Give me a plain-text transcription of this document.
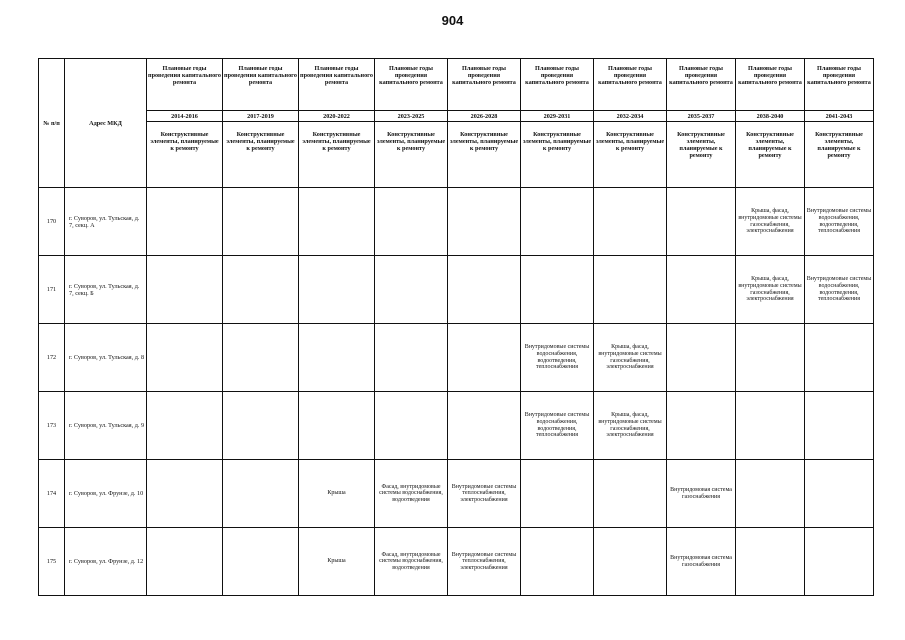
904
№ п/п	Адрес МКД	Плановые годы проведения капитального ремонта	Плановые годы проведения капитального ремонта	Плановые годы проведения капитального ремонта	Плановые годы проведения капитального ремонта	Плановые годы проведения капитального ремонта	Плановые годы проведения капитального ремонта	Плановые годы проведения капитального ремонта	Плановые годы проведения капитального ремонта	Плановые годы проведения капитального ремонта	Плановые годы проведения капитального ремонта
		2014-2016	2017-2019	2020-2022	2023-2025	2026-2028	2029-2031	2032-2034	2035-2037	2038-2040	2041-2043
		Конструктивные элементы, планируемые к ремонту	Конструктивные элементы, планируемые к ремонту	Конструктивные элементы, планируемые к ремонту	Конструктивные элементы, планируемые к ремонту	Конструктивные элементы, планируемые к ремонту	Конструктивные элементы, планируемые к ремонту	Конструктивные элементы, планируемые к ремонту	Конструктивные элементы, планируемые к ремонту	Конструктивные элементы, планируемые к ремонту	Конструктивные элементы, планируемые к ремонту
170	г. Суворов, ул. Тульская, д. 7, секц. А									Крыша, фасад, внутридомовые системы газоснабжения, электроснабжения	Внутридомовые системы водоснабжения, водоотведения, теплоснабжения
171	г. Суворов, ул. Тульская, д. 7, секц. Б									Крыша, фасад, внутридомовые системы газоснабжения, электроснабжения	Внутридомовые системы водоснабжения, водоотведения, теплоснабжения
172	г. Суворов, ул. Тульская, д. 8						Внутридомовые системы водоснабжения, водоотведения, теплоснабжения	Крыша, фасад, внутридомовые системы газоснабжения, электроснабжения			
173	г. Суворов, ул. Тульская, д. 9						Внутридомовые системы водоснабжения, водоотведения, теплоснабжения	Крыша, фасад, внутридомовые системы газоснабжения, электроснабжения			
174	г. Суворов, ул. Фрунзе, д. 10			Крыша	Фасад, внутридомовые системы водоснабжения, водоотведения	Внутридомовые системы теплоснабжения, электроснабжения			Внутридомовая система газоснабжения		
175	г. Суворов, ул. Фрунзе, д. 12			Крыша	Фасад, внутридомовые системы водоснабжения, водоотведения	Внутридомовые системы теплоснабжения, электроснабжения			Внутридомовая система газоснабжения		
